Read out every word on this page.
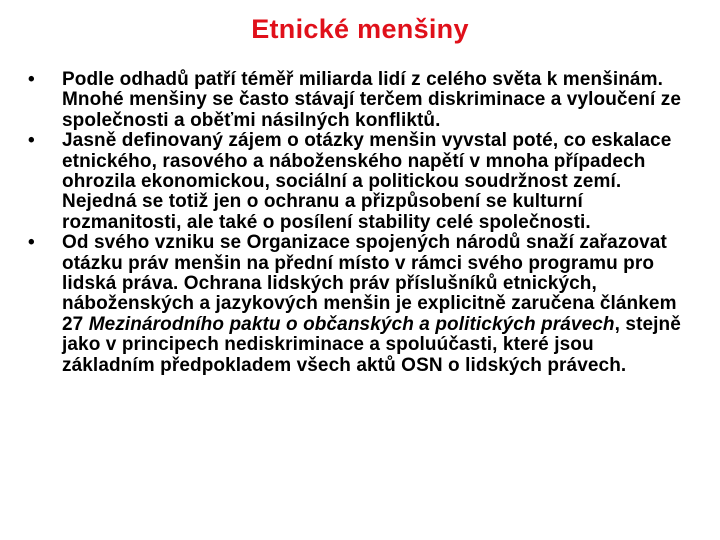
Etnické menšiny
•	Podle odhadů patří téměř miliarda lidí z celého světa k menšinám. Mnohé menšiny se často stávají terčem diskriminace a vyloučení ze společnosti a oběťmi násilných konfliktů.
•	Jasně definovaný zájem o otázky menšin vyvstal poté, co eskalace etnického, rasového a náboženského napětí v mnoha případech ohrozila ekonomickou, sociální a politickou soudržnost zemí. Nejedná se totiž jen o ochranu a přizpůsobení se kulturní rozmanitosti, ale také o posílení stability celé společnosti.
•	Od svého vzniku se Organizace spojených národů snaží zařazovat otázku práv menšin na přední místo v rámci svého programu pro lidská práva. Ochrana lidských práv příslušníků etnických, náboženských a jazykových menšin je explicitně zaručena článkem 27 Mezinárodního paktu o občanských a politických právech, stejně jako v principech nediskriminace a spoluúčasti, které jsou základním předpokladem všech aktů OSN o lidských právech.
